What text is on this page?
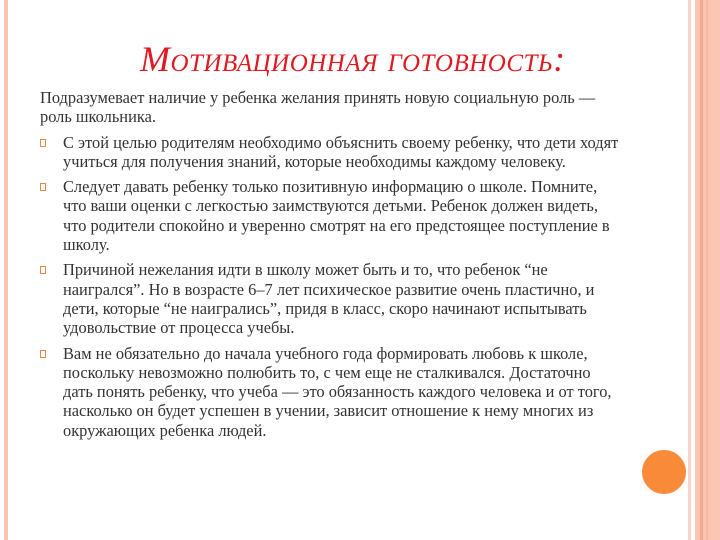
Мотивационная готовность:

Подразумевает наличие у ребенка желания принять новую социальную роль — роль школьника.

С этой целью родителям необходимо объяснить своему ребенку, что дети ходят учиться для получения знаний, которые необходимы каждому человеку.
Следует давать ребенку только позитивную информацию о школе. Помните, что ваши оценки с легкостью заимствуются детьми. Ребенок должен видеть, что родители спокойно и уверенно смотрят на его предстоящее поступление в школу.
Причиной нежелания идти в школу может быть и то, что ребенок “не наигрался”. Но в возрасте 6–7 лет психическое развитие очень пластично, и дети, которые “не наигрались”, придя в класс, скоро начинают испытывать удовольствие от процесса учебы.
Вам не обязательно до начала учебного года формировать любовь к школе, поскольку невозможно полюбить то, с чем еще не сталкивался. Достаточно дать понять ребенку, что учеба — это обязанность каждого человека и от того, насколько он будет успешен в учении, зависит отношение к нему многих из окружающих ребенка людей.
